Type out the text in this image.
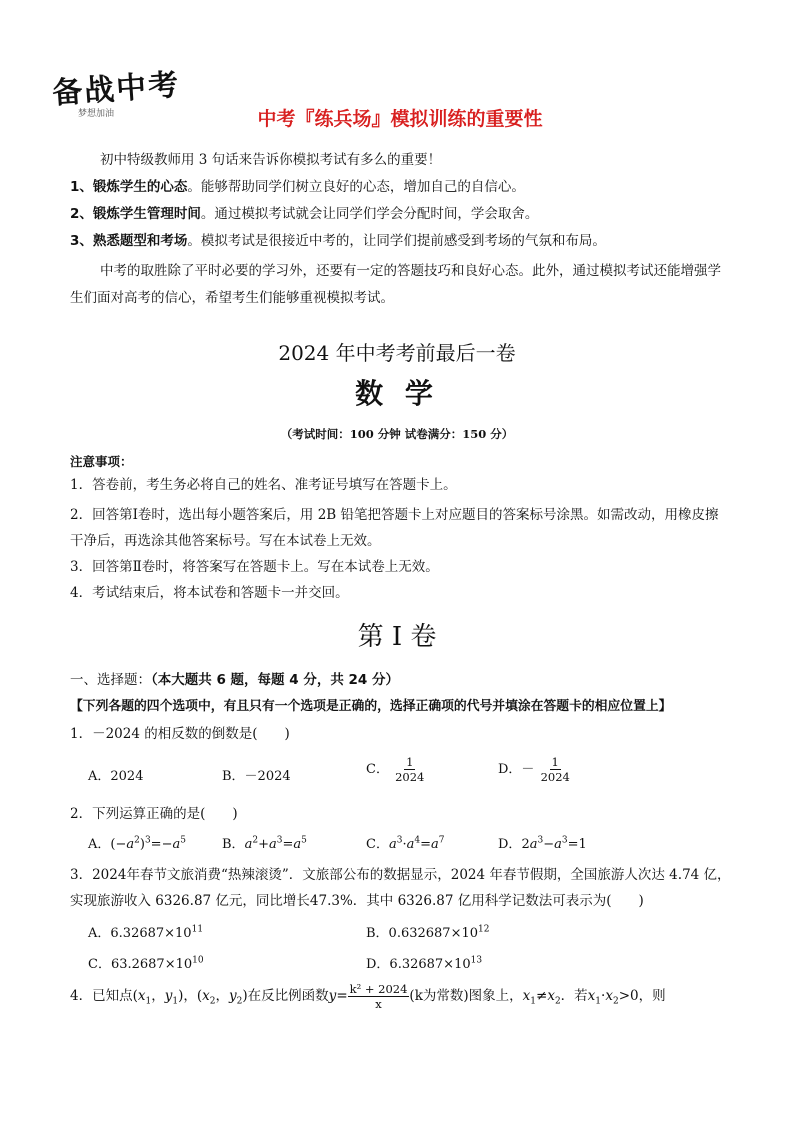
备战中考
梦想加油	中考『练兵场』模拟训练的重要性
初中特级教师用 3 句话来告诉你模拟考试有多么的重要！
1、锻炼学生的心态。能够帮助同学们树立良好的心态，增加自己的自信心。
2、锻炼学生管理时间。通过模拟考试就会让同学们学会分配时间，学会取舍。
3、熟悉题型和考场。模拟考试是很接近中考的，让同学们提前感受到考场的气氛和布局。
中考的取胜除了平时必要的学习外，还要有一定的答题技巧和良好心态。此外，通过模拟考试还能增强学生们面对高考的信心，希望考生们能够重视模拟考试。
2024 年中考考前最后一卷
数 学
（考试时间：100 分钟 试卷满分：150 分）
注意事项：
1．答卷前，考生务必将自己的姓名、准考证号填写在答题卡上。
2．回答第Ⅰ卷时，选出每小题答案后，用 2B 铅笔把答题卡上对应题目的答案标号涂黑。如需改动，用橡皮擦干净后，再选涂其他答案标号。写在本试卷上无效。
3．回答第Ⅱ卷时，将答案写在答题卡上。写在本试卷上无效。
4．考试结束后，将本试卷和答题卡一并交回。
第 I 卷
一、选择题：（本大题共 6 题，每题 4 分，共 24 分）
【下列各题的四个选项中，有且只有一个选项是正确的，选择正确项的代号并填涂在答题卡的相应位置上】
1．－2024 的相反数的倒数是(　　)
A．2024	B．－2024	C． $\frac{1}{2024}$	D．－ $\frac{1}{2024}$
2．下列运算正确的是(　　)
A．$(-a^2)^3=-a^5$	B．$a^2+a^3=a^5$	C．$a^3\cdot a^4=a^7$	D．$2a^3-a^3=1$
3．2024年春节文旅消费“热辣滚烫”．文旅部公布的数据显示，2024 年春节假期，全国旅游人次达 4.74 亿，
实现旅游收入 6326.87 亿元，同比增长47.3%．其中 6326.87 亿用科学记数法可表示为(　　)
A．$6.32687\times 10^{11}$	B．$0.632687\times 10^{12}$
C．$63.2687\times 10^{10}$	D．$6.32687\times 10^{13}$
4．已知点($x_1$，$y_1$)，($x_2$，$y_2$)在反比例函数$y= \frac{\text{k² + 2024}}{x} (k$为常数)图象上，$x_1\ne x_2$．若$x_1\cdot x_2>0$，则
